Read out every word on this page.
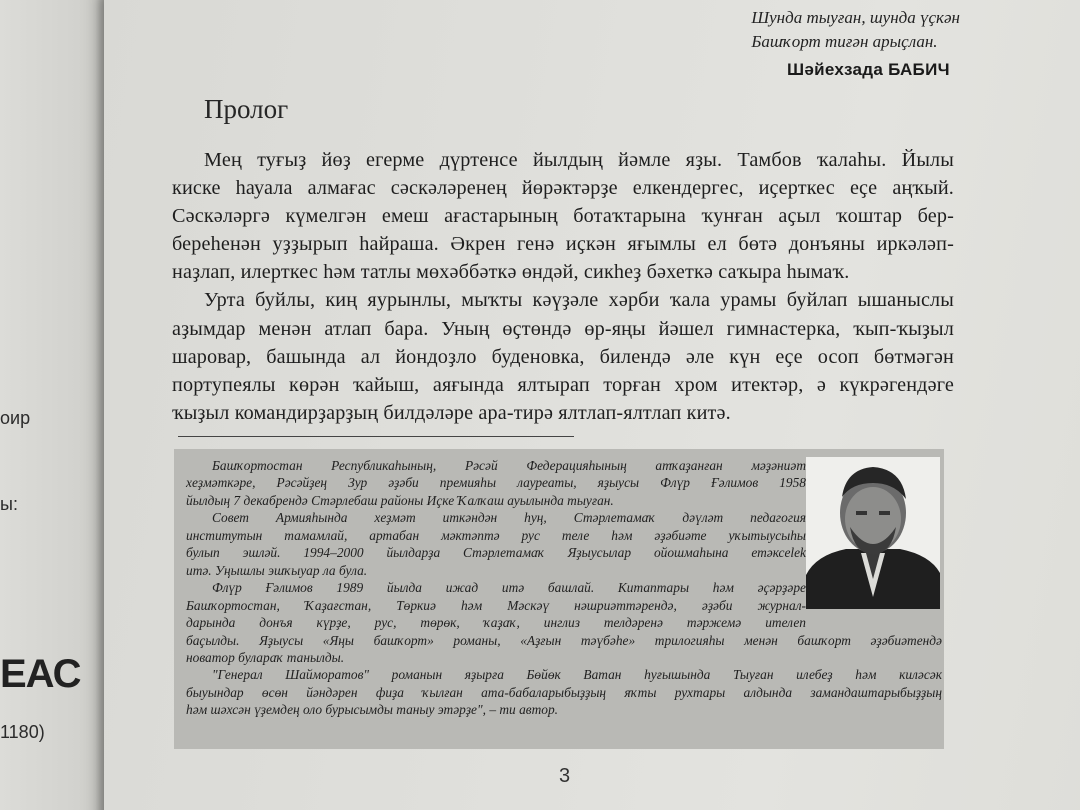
оир
ы:
ЕАС
1180)
Шунда тыуған, шунда үҫкән
Башҡорт тиғән арыҫлан.
Шәйехзада БАБИЧ
Пролог

Мең туғыҙ йөҙ егерме дүртенсе йылдың йәмле яҙы. Тамбов ҡалаһы. Йылы
киске һауала алмағас сәскәләренең йөрәктәрҙе елкендергес, иҫерткес еҫе аңҡый.
Сәскәләргә күмелгән емеш ағастарының ботаҡтарына ҡунған аҫыл ҡоштар бер-
береһенән уҙҙырып һайраша. Әкрен генә иҫкән яғымлы ел бөтә донъяны иркәләп-
наҙлап, илерткес һәм татлы мөхәббәткә өндәй, сикһеҙ бәхеткә саҡыра һымаҡ.

Урта буйлы, киң яурынлы, мыҡты кәүҙәле хәрби ҡала урамы буйлап ышаныслы
аҙымдар менән атлап бара. Уның өҫтөндә өр-яңы йәшел гимнастерка, ҡып-ҡыҙыл
шаровар, башында ал йондоҙло буденовка, билендә әле күн еҫе осоп бөтмәгән
портупеялы көрән ҡайыш, аяғында ялтырап торған хром итектәр, ә күкрәгендәге
ҡыҙыл командирҙарҙың билдәләре ара-тирә ялтлап-ялтлап китә.

Башҡортостан Республикаһының, Рәсәй Федерацияһының атҡаҙанған мәҙәниәт
хеҙмәткәре, Рәсәйҙең Зур әҙәби премияһы лауреаты, яҙыусы Флүр Ғәлимов 1958
йылдың 7 декабрендә Стәрлебаш районы Иҫке Ҡалҡаш ауылында тыуған.
Совет Армияһында хеҙмәт иткәндән һуң, Стәрлетамаҡ дәүләт педагогия
институтын тамамлай, артабан мәктәптә рус теле һәм әҙәбиәте уҡытыусыһы
булып эшләй. 1994–2000 йылдарҙа Стәрлетамаҡ Яҙыусылар ойошмаһына етәксelek
итә. Уңышлы эшҡыуар ла була.
Флүр Ғәлимов 1989 йылда ижад итә башлай. Китаптары һәм әҫәрҙәре
Башҡортостан, Ҡаҙағстан, Төркиә һәм Мәскәү нәшриәттәрендә, әҙәби журнал-
дарында донъя күрҙе, рус, төрөк, ҡаҙаҡ, инглиз телдәренә тәржемә ителеп
баҫылды. Яҙыусы «Яңы башҡорт» романы, «Аҙғын тәүбәһе» трилогияһы менән башҡорт әҙәбиәтендә
новатор булараҡ танылды.
"Генерал Шайморатов" романын яҙырға Бөйөк Ватан һуғышында Тыуған илебеҙ һәм киләсәк
быуындар өсөн йәндәрен фиҙа ҡылған ата-бабаларыбыҙҙың яҡты рухтары алдында замандаштарыбыҙҙың
һәм шәхсән үҙемдең оло бурысымды таныу этәрҙе", – ти автор.
3
